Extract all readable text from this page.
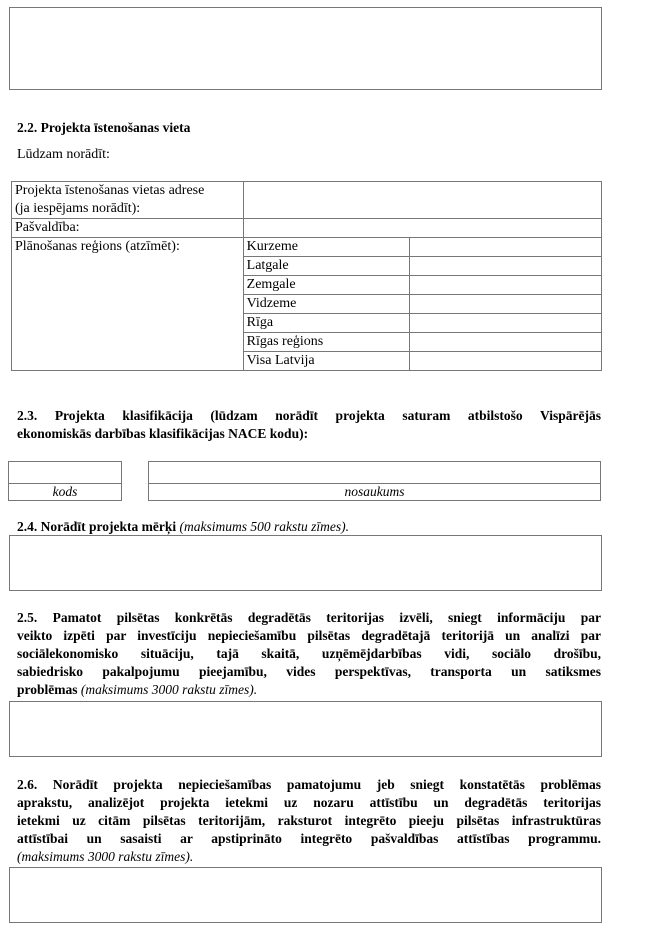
2.2. Projekta īstenošanas vieta
Lūdzam norādīt:
Projekta īstenošanas vietas adrese
(ja iespējams norādīt):		

Pašvaldība:		
Plānošanas reģions (atzīmēt):	Kurzeme	
	Latgale	
	Zemgale	
	Vidzeme	
	Rīga	
	Rīgas reģions	
	Visa Latvija	
2.3. Projekta klasifikācija (lūdzam norādīt projekta saturam atbilstošo Vispārējās
ekonomiskās darbības klasifikācijas NACE kodu):
kods	nosaukums
2.4. Norādīt projekta mērķi (maksimums 500 rakstu zīmes).
2.5. Pamatot pilsētas konkrētās degradētās teritorijas izvēli, sniegt informāciju par
veikto izpēti par investīciju nepieciešamību pilsētas degradētajā teritorijā un analīzi par
sociālekonomisko situāciju, tajā skaitā, uzņēmējdarbības vidi, sociālo drošību,
sabiedrisko pakalpojumu pieejamību, vides perspektīvas, transporta un satiksmes
problēmas (maksimums 3000 rakstu zīmes).
2.6. Norādīt projekta nepieciešamības pamatojumu jeb sniegt konstatētās problēmas
aprakstu, analizējot projekta ietekmi uz nozaru attīstību un degradētās teritorijas
ietekmi uz citām pilsētas teritorijām, raksturot integrēto pieeju pilsētas infrastruktūras
attīstībai un sasaisti ar apstiprināto integrēto pašvaldības attīstības programmu.
(maksimums 3000 rakstu zīmes).
